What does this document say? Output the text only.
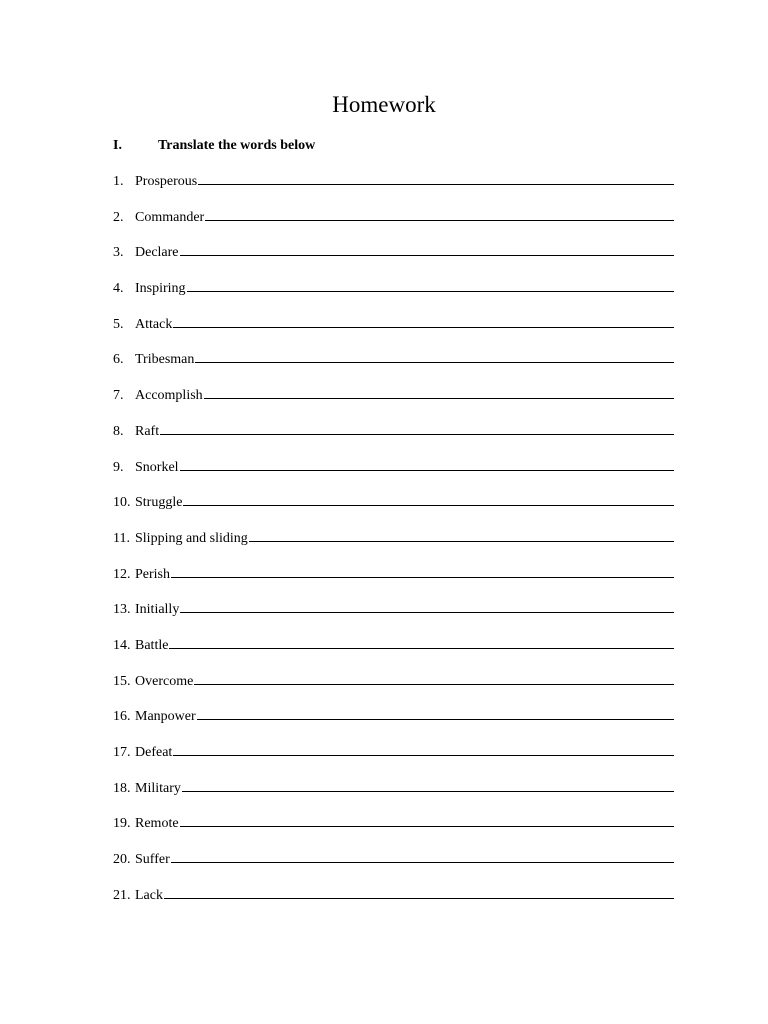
Homework
I.	Translate the words below
1. Prosperous
2. Commander
3. Declare
4. Inspiring
5. Attack
6. Tribesman
7. Accomplish
8. Raft
9. Snorkel
10. Struggle
11. Slipping and sliding
12. Perish
13. Initially
14. Battle
15. Overcome
16. Manpower
17. Defeat
18. Military
19. Remote
20. Suffer
21. Lack
